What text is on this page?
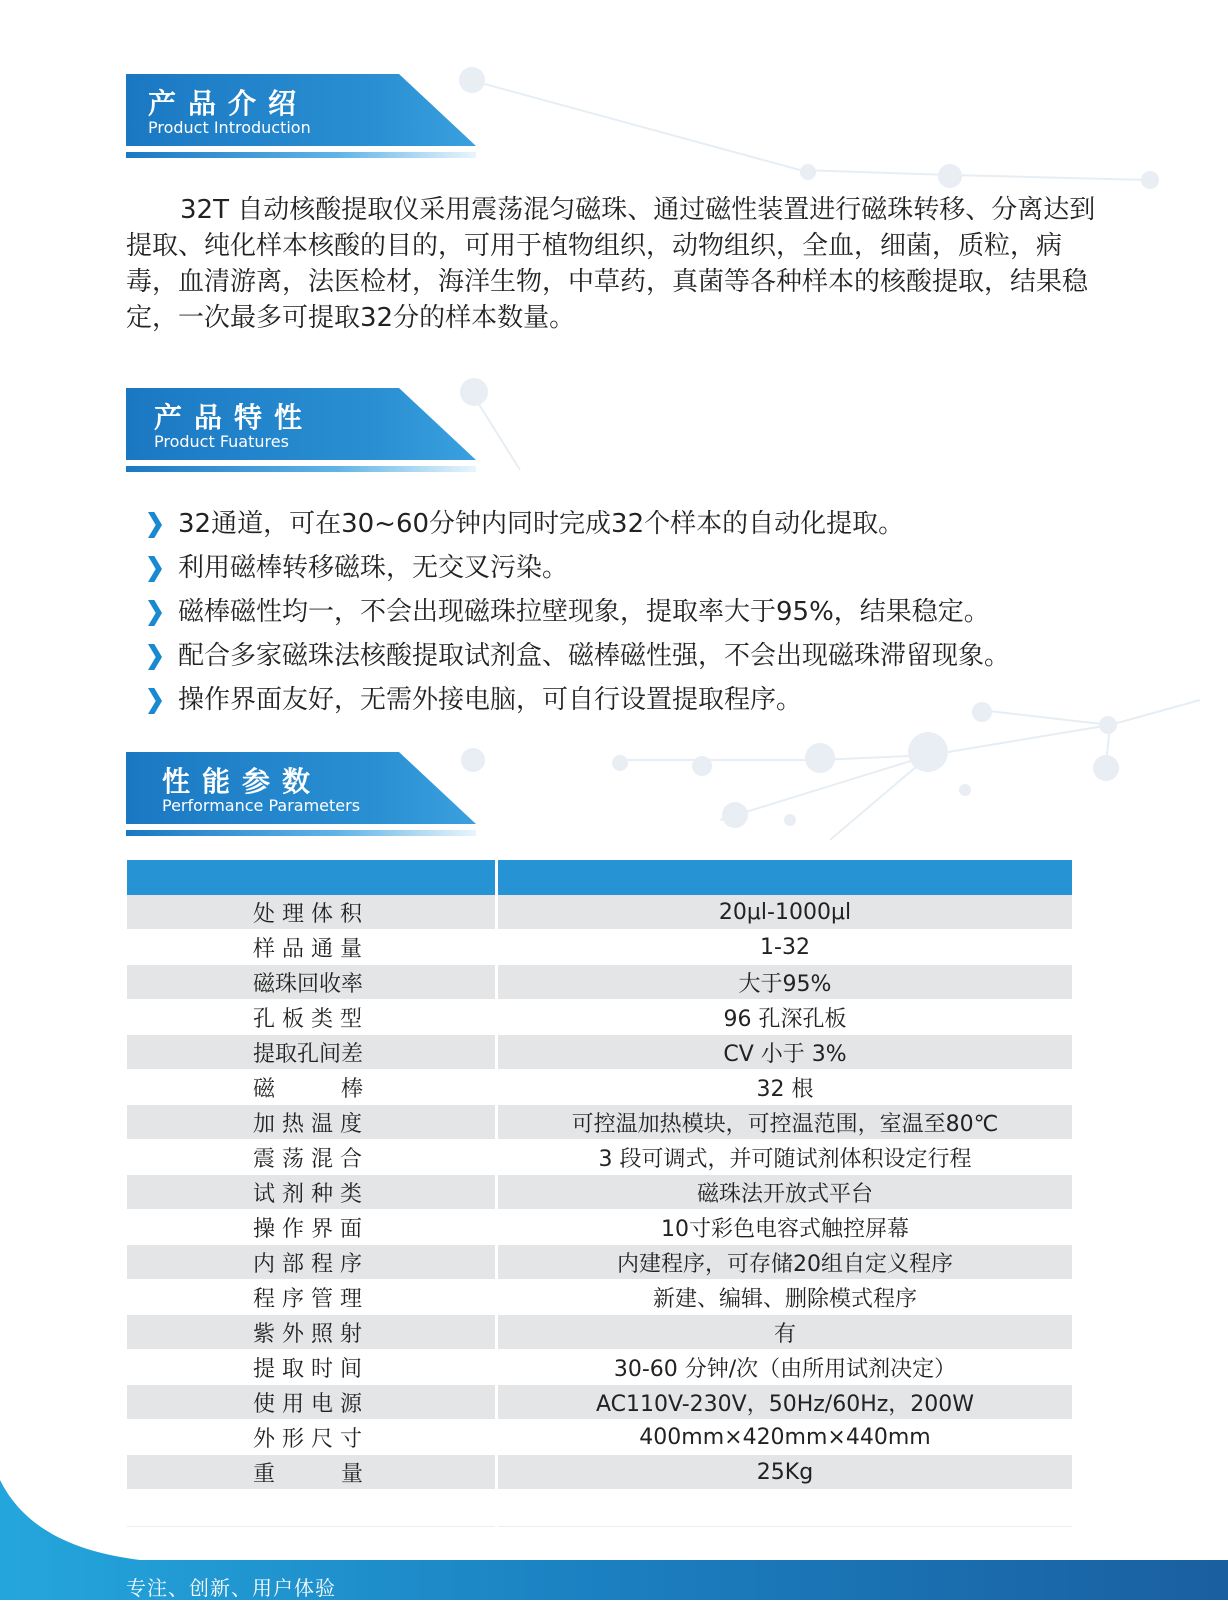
产品介绍
Product Introduction

32T 自动核酸提取仪采用震荡混匀磁珠、通过磁性装置进行磁珠转移、分离达到提取、纯化样本核酸的目的，可用于植物组织，动物组织，全血，细菌，质粒，病毒，血清游离，法医检材，海洋生物，中草药，真菌等各种样本的核酸提取，结果稳定，一次最多可提取32分的样本数量。

产品特性
Product Fuatures
32通道，可在30~60分钟内同时完成32个样本的自动化提取。
利用磁棒转移磁珠，无交叉污染。
磁棒磁性均一，不会出现磁珠拉壁现象，提取率大于95%，结果稳定。
配合多家磁珠法核酸提取试剂盒、磁棒磁性强，不会出现磁珠滞留现象。
操作界面友好，无需外接电脑，可自行设置提取程序。
性能参数
Performance Parameters

处 理 体 积	20μl-1000μl
样 品 通 量	1-32
磁珠回收率	大于95%
孔 板 类 型	96 孔深孔板
提取孔间差	CV 小于 3%
磁　　　棒	32 根
加 热 温 度	可控温加热模块，可控温范围，室温至80℃
震 荡 混 合	3 段可调式，并可随试剂体积设定行程
试 剂 种 类	磁珠法开放式平台
操 作 界 面	10寸彩色电容式触控屏幕
内 部 程 序	内建程序，可存储20组自定义程序
程 序 管 理	新建、编辑、删除模式程序
紫 外 照 射	有
提 取 时 间	30-60 分钟/次（由所用试剂决定）
使 用 电 源	AC110V-230V，50Hz/60Hz，200W
外 形 尺 寸	400mm×420mm×440mm
重　　　量	25Kg

专注、创新、用户体验
